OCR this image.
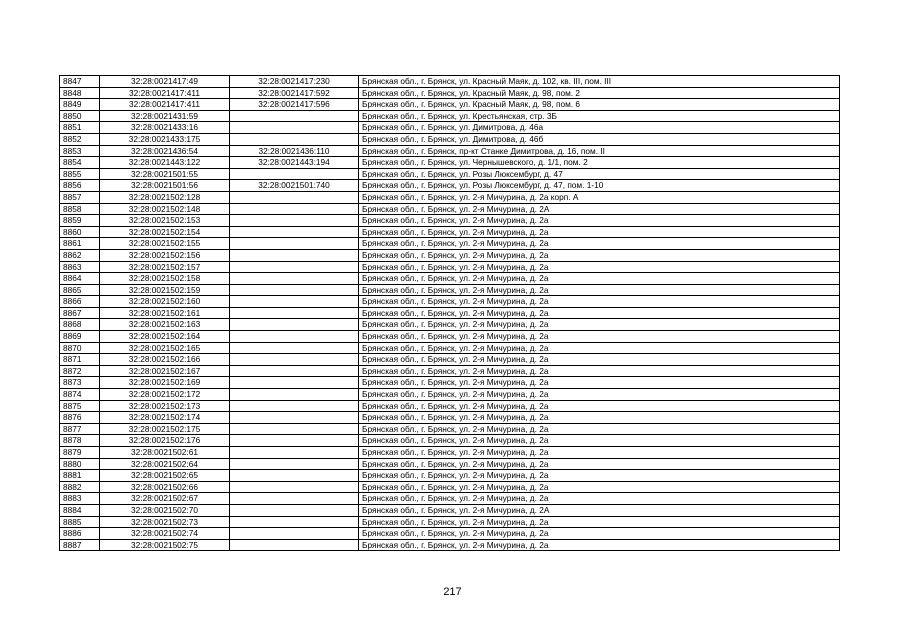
8847	32:28:0021417:49	32:28:0021417:230	Брянская обл., г. Брянск, ул. Красный Маяк, д. 102, кв. III, пом. III
8848	32:28:0021417:411	32:28:0021417:592	Брянская обл., г. Брянск, ул. Красный Маяк, д. 98, пом. 2
8849	32:28:0021417:411	32:28:0021417:596	Брянская обл., г. Брянск, ул. Красный Маяк, д. 98, пом. 6
8850	32:28:0021431:59		Брянская обл., г. Брянск, ул. Крестьянская, стр. 3Б
8851	32:28:0021433:16		Брянская обл., г. Брянск, ул. Димитрова, д. 46а
8852	32:28:0021433:175		Брянская обл., г. Брянск, ул. Димитрова, д. 46б
8853	32:28:0021436:54	32:28:0021436:110	Брянская обл., г. Брянск, пр-кт Станке Димитрова, д. 16, пом. II
8854	32:28:0021443:122	32:28:0021443:194	Брянская обл., г. Брянск, ул. Чернышевского, д. 1/1, пом. 2
8855	32:28:0021501:55		Брянская обл., г. Брянск, ул. Розы Люксембург, д. 47
8856	32:28:0021501:56	32:28:0021501:740	Брянская обл., г. Брянск, ул. Розы Люксембург, д. 47, пом. 1-10
8857	32:28:0021502:128		Брянская обл., г. Брянск, ул. 2-я Мичурина, д. 2а корп. А
8858	32:28:0021502:148		Брянская обл., г. Брянск, ул. 2-я Мичурина, д. 2А
8859	32:28:0021502:153		Брянская обл., г. Брянск, ул. 2-я Мичурина, д. 2а
8860	32:28:0021502:154		Брянская обл., г. Брянск, ул. 2-я Мичурина, д. 2а
8861	32:28:0021502:155		Брянская обл., г. Брянск, ул. 2-я Мичурина, д. 2а
8862	32:28:0021502:156		Брянская обл., г. Брянск, ул. 2-я Мичурина, д. 2а
8863	32:28:0021502:157		Брянская обл., г. Брянск, ул. 2-я Мичурина, д. 2а
8864	32:28:0021502:158		Брянская обл., г. Брянск, ул. 2-я Мичурина, д. 2а
8865	32:28:0021502:159		Брянская обл., г. Брянск, ул. 2-я Мичурина, д. 2а
8866	32:28:0021502:160		Брянская обл., г. Брянск, ул. 2-я Мичурина, д. 2а
8867	32:28:0021502:161		Брянская обл., г. Брянск, ул. 2-я Мичурина, д. 2а
8868	32:28:0021502:163		Брянская обл., г. Брянск, ул. 2-я Мичурина, д. 2а
8869	32:28:0021502:164		Брянская обл., г. Брянск, ул. 2-я Мичурина, д. 2а
8870	32:28:0021502:165		Брянская обл., г. Брянск, ул. 2-я Мичурина, д. 2а
8871	32:28:0021502:166		Брянская обл., г. Брянск, ул. 2-я Мичурина, д. 2а
8872	32:28:0021502:167		Брянская обл., г. Брянск, ул. 2-я Мичурина, д. 2а
8873	32:28:0021502:169		Брянская обл., г. Брянск, ул. 2-я Мичурина, д. 2а
8874	32:28:0021502:172		Брянская обл., г. Брянск, ул. 2-я Мичурина, д. 2а
8875	32:28:0021502:173		Брянская обл., г. Брянск, ул. 2-я Мичурина, д. 2а
8876	32:28:0021502:174		Брянская обл., г. Брянск, ул. 2-я Мичурина, д. 2а
8877	32:28:0021502:175		Брянская обл., г. Брянск, ул. 2-я Мичурина, д. 2а
8878	32:28:0021502:176		Брянская обл., г. Брянск, ул. 2-я Мичурина, д. 2а
8879	32:28:0021502:61		Брянская обл., г. Брянск, ул. 2-я Мичурина, д. 2а
8880	32:28:0021502:64		Брянская обл., г. Брянск, ул. 2-я Мичурина, д. 2а
8881	32:28:0021502:65		Брянская обл., г. Брянск, ул. 2-я Мичурина, д. 2а
8882	32:28:0021502:66		Брянская обл., г. Брянск, ул. 2-я Мичурина, д. 2а
8883	32:28:0021502:67		Брянская обл., г. Брянск, ул. 2-я Мичурина, д. 2а
8884	32:28:0021502:70		Брянская обл., г. Брянск, ул. 2-я Мичурина, д. 2А
8885	32:28:0021502:73		Брянская обл., г. Брянск, ул. 2-я Мичурина, д. 2а
8886	32:28:0021502:74		Брянская обл., г. Брянск, ул. 2-я Мичурина, д. 2а
8887	32:28:0021502:75		Брянская обл., г. Брянск, ул. 2-я Мичурина, д. 2а
217
